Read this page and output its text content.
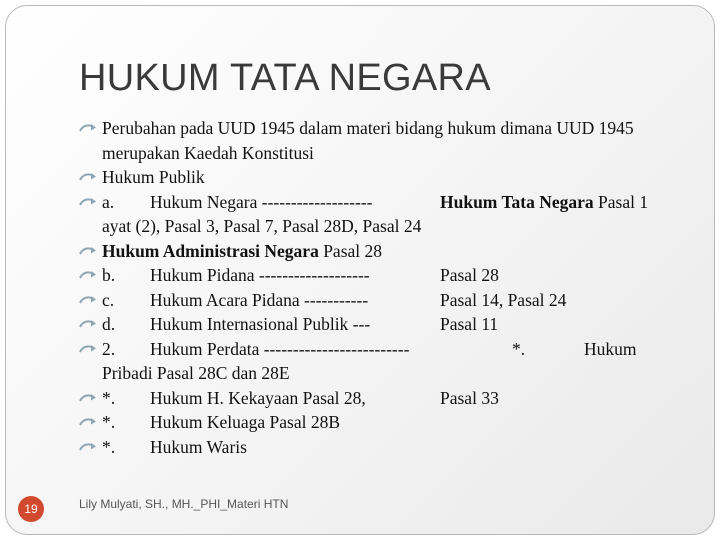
HUKUM TATA NEGARA
Perubahan pada UUD 1945 dalam materi bidang hukum dimana UUD 1945 merupakan Kaedah Konstitusi
Hukum Publik
a. Hukum Negara -------------------	Hukum Tata Negara Pasal 1 ayat (2), Pasal 3, Pasal 7, Pasal 28D, Pasal 24
Hukum Administrasi Negara Pasal 28
b. Hukum Pidana -------------------	Pasal 28
c. Hukum Acara Pidana -----------	Pasal 14, Pasal 24
d. Hukum Internasional Publik ---	Pasal 11
2. Hukum Perdata -------------------------	*.	Hukum
Pribadi Pasal 28C dan 28E
*. Hukum H. Kekayaan Pasal 28,	Pasal 33
*. Hukum Keluaga Pasal 28B
*. Hukum Waris
19	Lily Mulyati, SH., MH._PHI_Materi HTN
